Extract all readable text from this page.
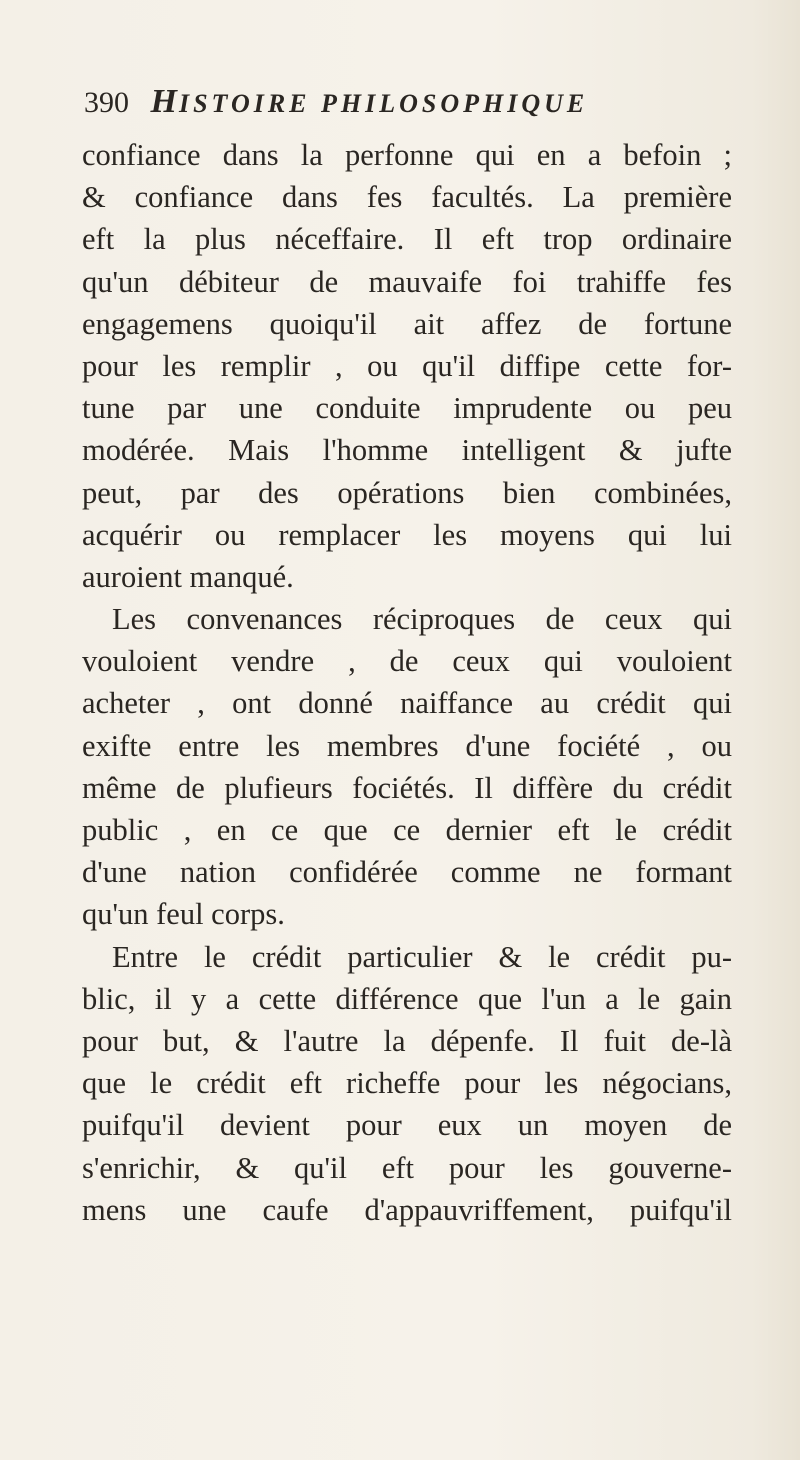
390 HISTOIRE PHILOSOPHIQUE
confiance dans la perfonne qui en a befoin ;
& confiance dans fes facultés. La première
eft la plus néceffaire. Il eft trop ordinaire
qu'un débiteur de mauvaife foi trahiffe fes
engagemens quoiqu'il ait affez de fortune
pour les remplir , ou qu'il diffipe cette for-
tune par une conduite imprudente ou peu
modérée. Mais l'homme intelligent & jufte
peut, par des opérations bien combinées,
acquérir ou remplacer les moyens qui lui
auroient manqué.
Les convenances réciproques de ceux qui
vouloient vendre , de ceux qui vouloient
acheter , ont donné naiffance au crédit qui
exifte entre les membres d'une fociété , ou
même de plufieurs fociétés. Il diffère du crédit
public , en ce que ce dernier eft le crédit
d'une nation confidérée comme ne formant
qu'un feul corps.
Entre le crédit particulier & le crédit pu-
blic, il y a cette différence que l'un a le gain
pour but, & l'autre la dépenfe. Il fuit de-là
que le crédit eft richeffe pour les négocians,
puifqu'il devient pour eux un moyen de
s'enrichir, & qu'il eft pour les gouverne-
mens une caufe d'appauvriffement, puifqu'il
